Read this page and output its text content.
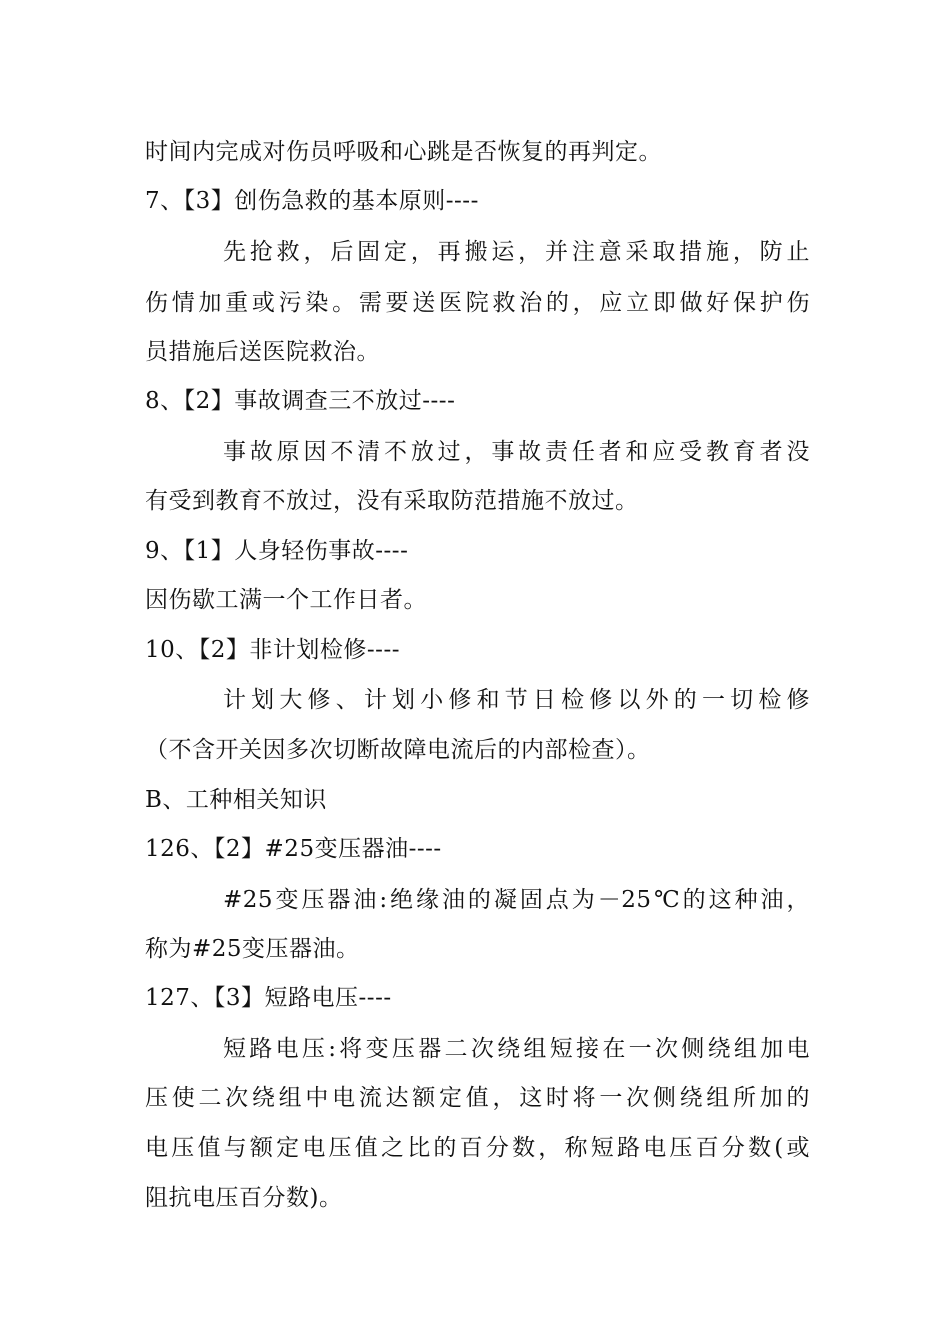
时间内完成对伤员呼吸和心跳是否恢复的再判定。
7、【3】创伤急救的基本原则----
先抢救，后固定，再搬运，并注意采取措施，防止
伤情加重或污染。需要送医院救治的，应立即做好保护伤
员措施后送医院救治。
8、【2】事故调查三不放过----
事故原因不清不放过，事故责任者和应受教育者没
有受到教育不放过，没有采取防范措施不放过。
9、【1】人身轻伤事故----
因伤歇工满一个工作日者。
10、【2】非计划检修----
计划大修、计划小修和节日检修以外的一切检修
（不含开关因多次切断故障电流后的内部检查）。
B、工种相关知识
126、【2】#25变压器油----
#25变压器油:绝缘油的凝固点为－25℃的这种油，
称为#25变压器油。
127、【3】短路电压----
短路电压:将变压器二次绕组短接在一次侧绕组加电
压使二次绕组中电流达额定值，这时将一次侧绕组所加的
电压值与额定电压值之比的百分数，称短路电压百分数(或
阻抗电压百分数)。
